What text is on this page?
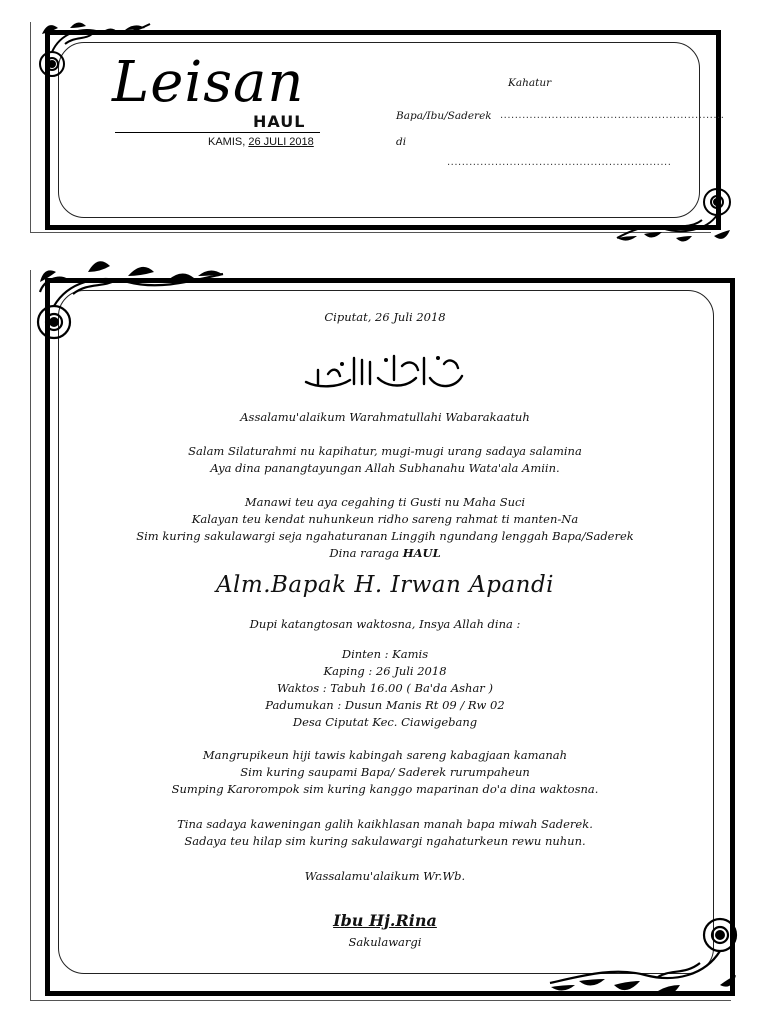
Leisan
HAUL
KAMIS, 26 JULI 2018
Kahatur
Bapa/Ibu/Saderek .............................................................
di
.............................................................
Ciputat, 26 Juli 2018
Assalamu'alaikum Warahmatullahi Wabarakaatuh
Salam Silaturahmi nu kapihatur, mugi-mugi urang sadaya salamina
Aya dina panangtayungan Allah Subhanahu Wata'ala Amiin.
Manawi teu aya cegahing ti Gusti nu Maha Suci
Kalayan teu kendat nuhunkeun ridho sareng rahmat ti manten-Na
Sim kuring sakulawargi seja ngahaturanan Linggih ngundang lenggah Bapa/Saderek
Dina raraga HAUL
Alm.Bapak H. Irwan Apandi
Dupi katangtosan waktosna, Insya Allah dina :
Dinten : Kamis
Kaping : 26 Juli 2018
Waktos : Tabuh 16.00 ( Ba'da Ashar )
Padumukan : Dusun Manis Rt 09 / Rw 02
Desa Ciputat Kec. Ciawigebang
Mangrupikeun hiji tawis kabingah sareng kabagjaan kamanah
Sim kuring saupami Bapa/ Saderek rurumpaheun
Sumping Karorompok sim kuring kanggo maparinan do'a dina waktosna.
Tina sadaya kaweningan galih kaikhlasan manah bapa miwah Saderek.
Sadaya teu hilap sim kuring sakulawargi ngahaturkeun rewu nuhun.
Wassalamu'alaikum Wr.Wb.
Ibu Hj.Rina
Sakulawargi
